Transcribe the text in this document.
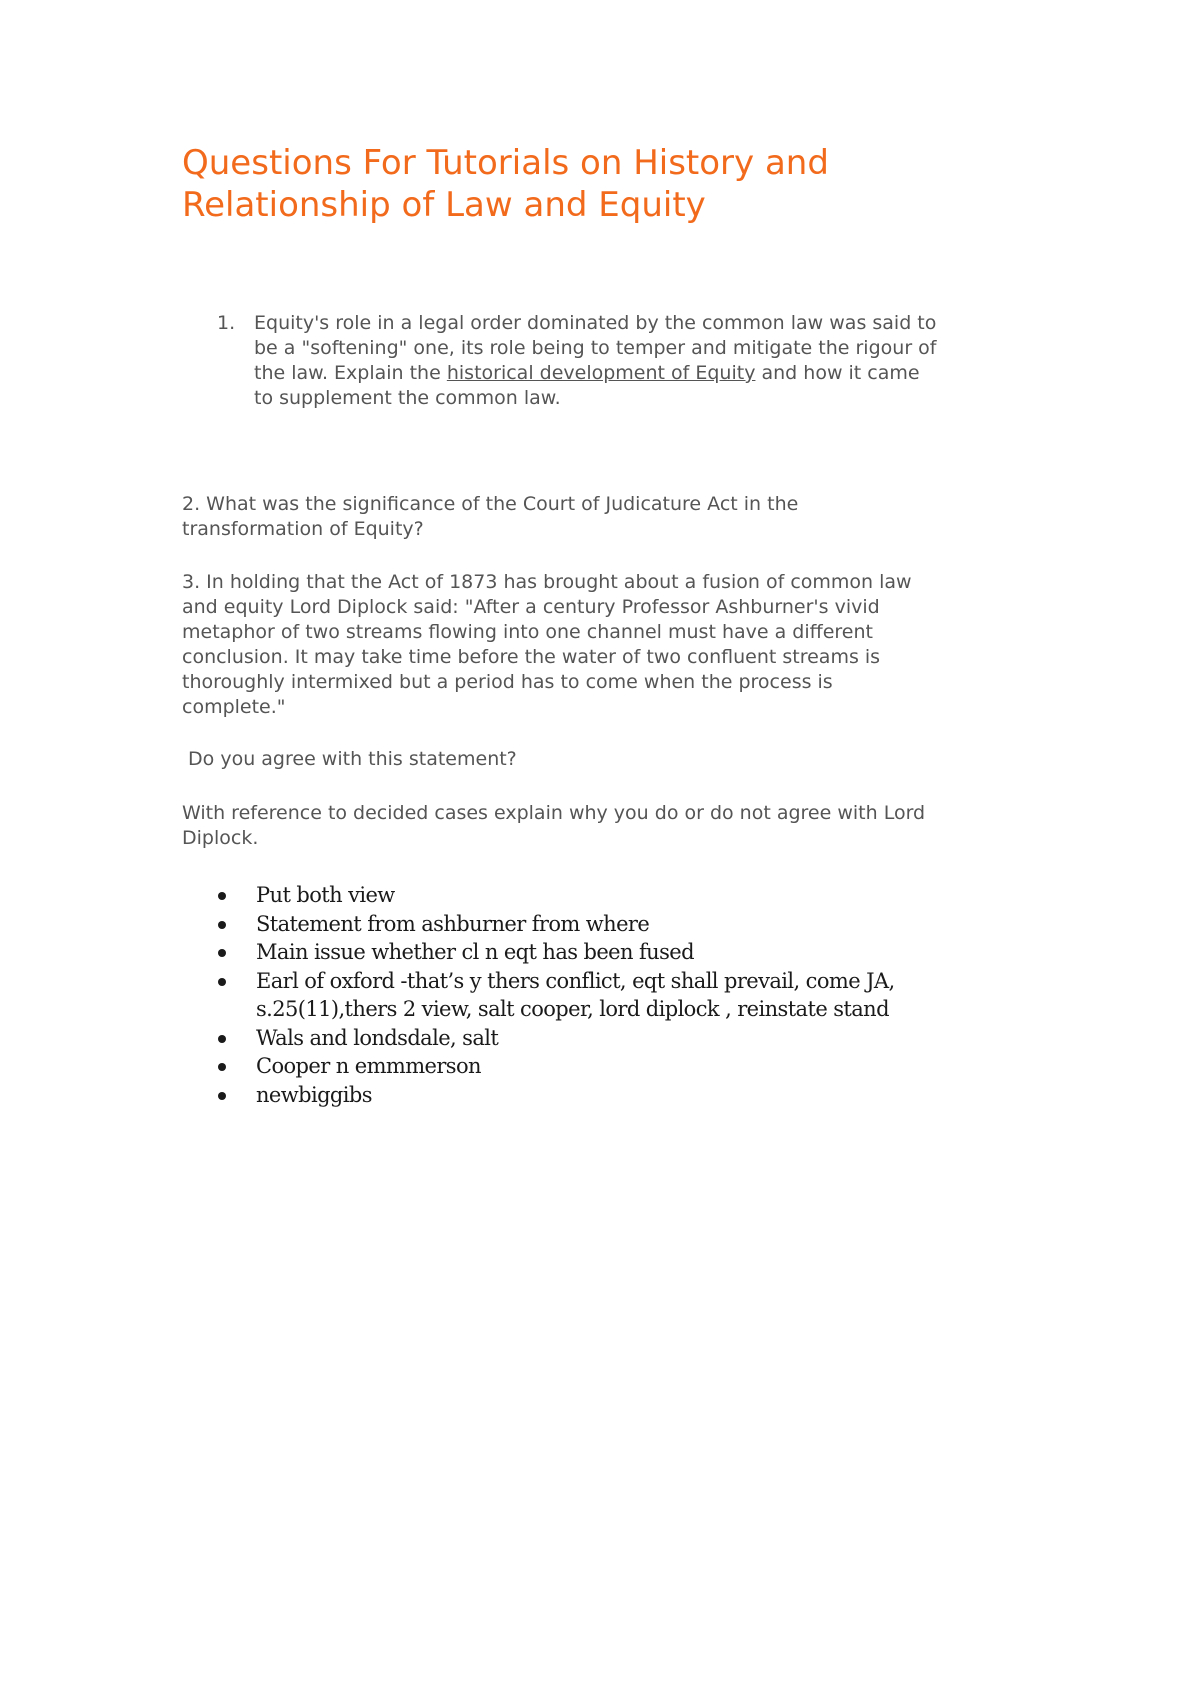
Questions For Tutorials on History and
Relationship of Law and Equity
1. Equity's role in a legal order dominated by the common law was said to
be a "softening" one, its role being to temper and mitigate the rigour of
the law. Explain the historical development of Equity and how it came
to supplement the common law.
2. What was the significance of the Court of Judicature Act in the
transformation of Equity?
3. In holding that the Act of 1873 has brought about a fusion of common law
and equity Lord Diplock said: "After a century Professor Ashburner's vivid
metaphor of two streams flowing into one channel must have a different
conclusion. It may take time before the water of two confluent streams is
thoroughly intermixed but a period has to come when the process is
complete."
Do you agree with this statement?
With reference to decided cases explain why you do or do not agree with Lord
Diplock.
Put both view
Statement from ashburner from where
Main issue whether cl n eqt has been fused
Earl of oxford -that’s y thers conflict, eqt shall prevail, come JA,
s.25(11),thers 2 view, salt cooper, lord diplock , reinstate stand
Wals and londsdale, salt
Cooper n emmmerson
newbiggibs
